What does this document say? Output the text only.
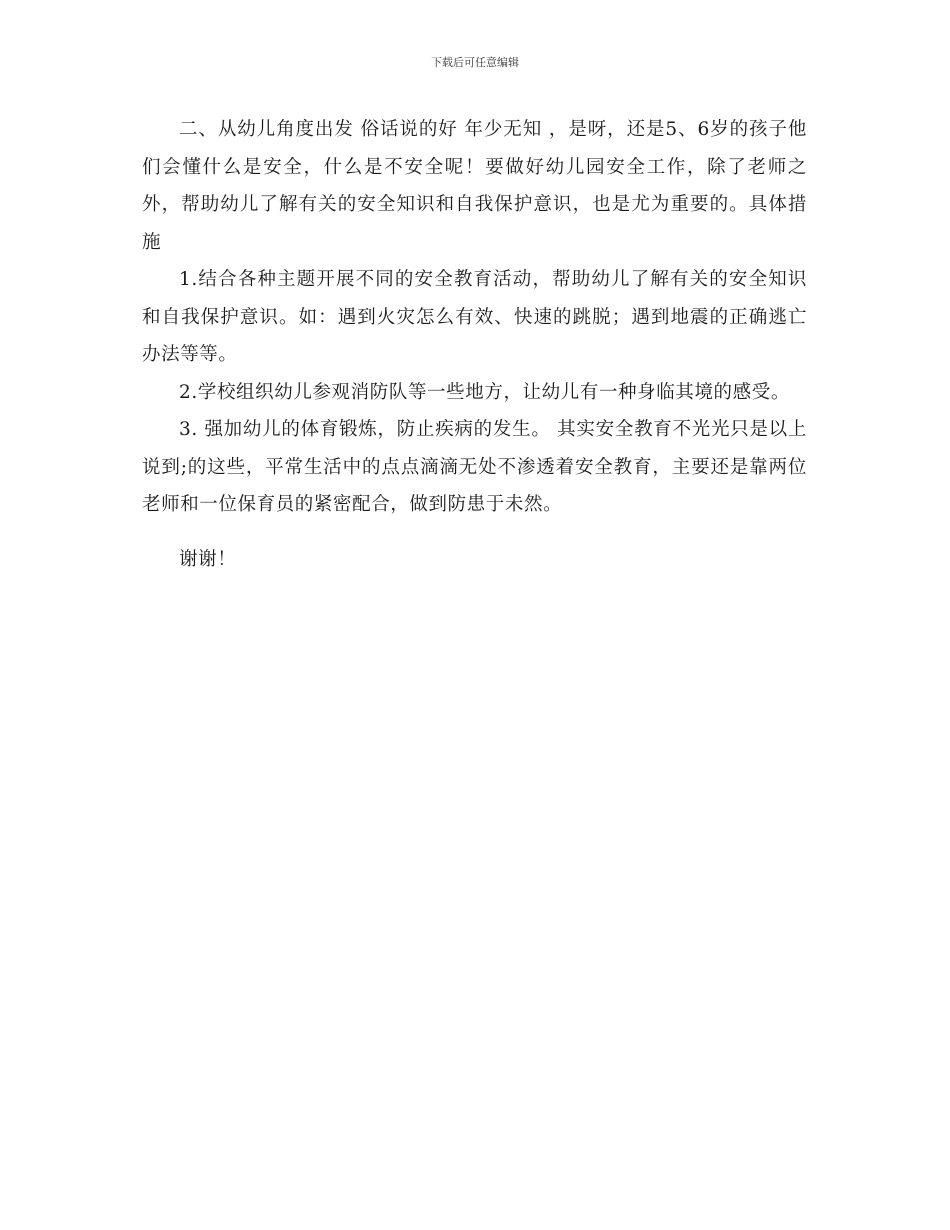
下载后可任意编辑

二、从幼儿角度出发 俗话说的好 年少无知 ，是呀，还是5、6岁的孩子他们会懂什么是安全，什么是不安全呢！要做好幼儿园安全工作，除了老师之外，帮助幼儿了解有关的安全知识和自我保护意识，也是尤为重要的。具体措施

1.结合各种主题开展不同的安全教育活动，帮助幼儿了解有关的安全知识和自我保护意识。如：遇到火灾怎么有效、快速的跳脱；遇到地震的正确逃亡办法等等。

2.学校组织幼儿参观消防队等一些地方，让幼儿有一种身临其境的感受。

3. 强加幼儿的体育锻炼，防止疾病的发生。 其实安全教育不光光只是以上说到;的这些，平常生活中的点点滴滴无处不渗透着安全教育，主要还是靠两位老师和一位保育员的紧密配合，做到防患于未然。

谢谢！
